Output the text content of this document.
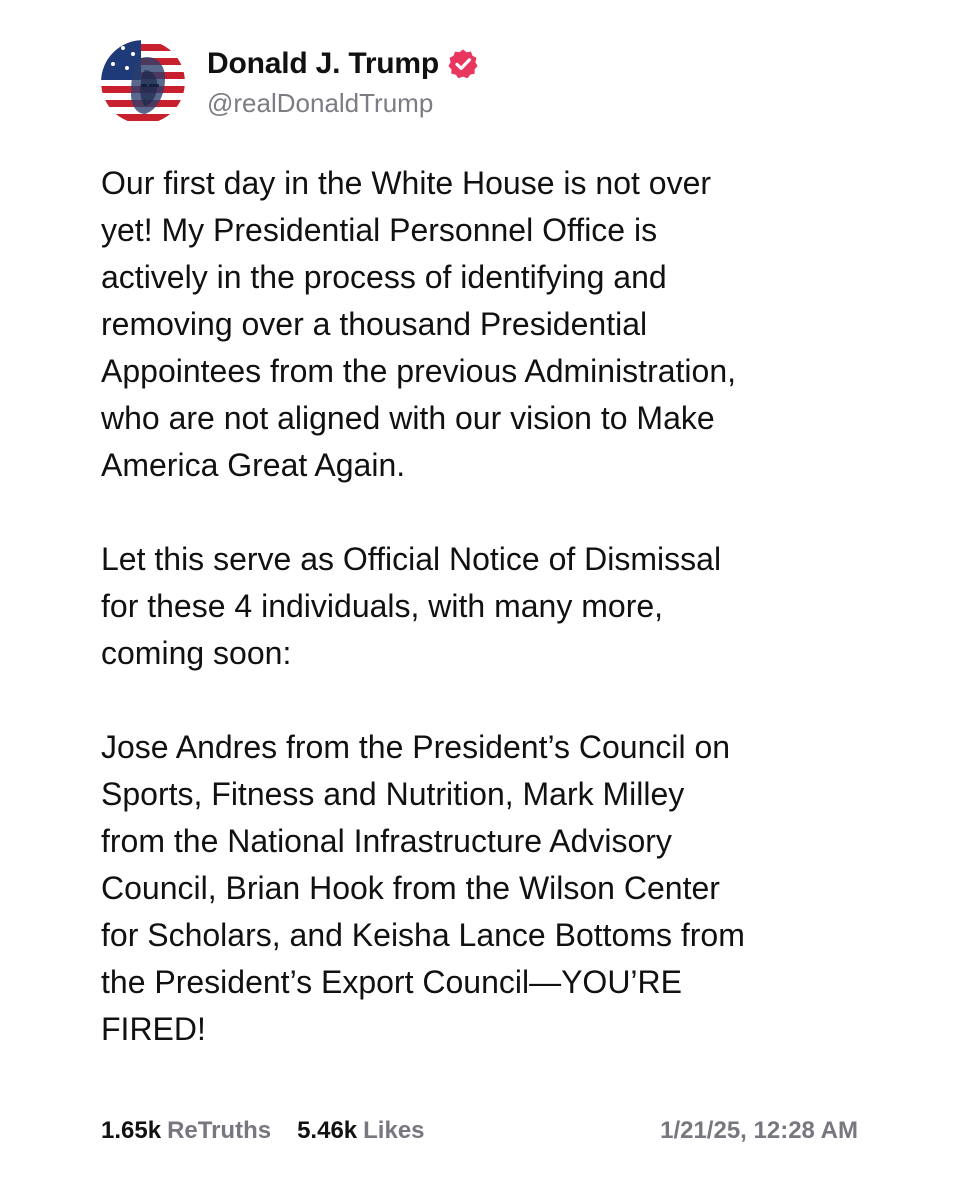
Donald J. Trump
@realDonaldTrump

Our first day in the White House is not over
yet! My Presidential Personnel Office is
actively in the process of identifying and
removing over a thousand Presidential
Appointees from the previous Administration,
who are not aligned with our vision to Make
America Great Again.

Let this serve as Official Notice of Dismissal
for these 4 individuals, with many more,
coming soon:

Jose Andres from the President’s Council on
Sports, Fitness and Nutrition, Mark Milley
from the National Infrastructure Advisory
Council, Brian Hook from the Wilson Center
for Scholars, and Keisha Lance Bottoms from
the President’s Export Council—YOU’RE
FIRED!

1.65k ReTruths 5.46k Likes	1/21/25, 12:28 AM
